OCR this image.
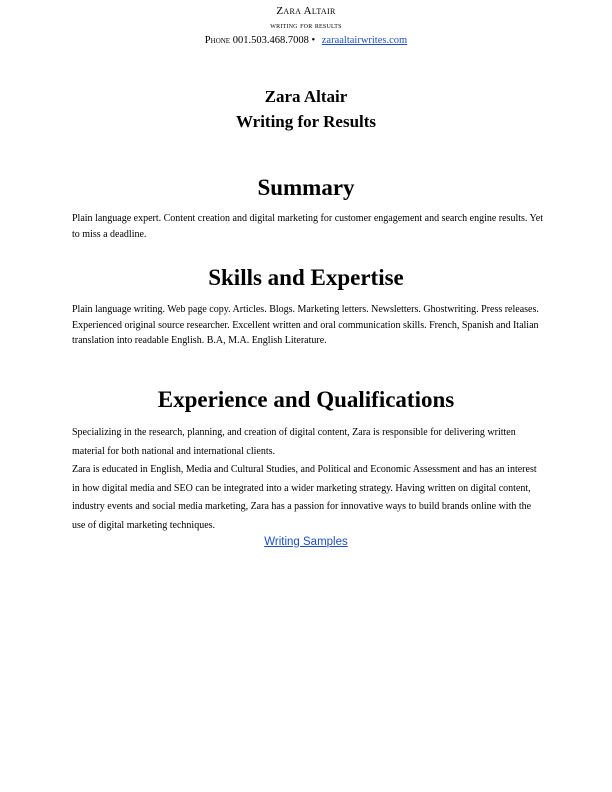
Zara Altair
writing for results
Phone 001.503.468.7008 • zaraaltairwrites.com
Zara Altair
Writing for Results
Summary
Plain language expert. Content creation and digital marketing for customer engagement and search engine results. Yet to miss a deadline.
Skills and Expertise
Plain language writing. Web page copy. Articles. Blogs. Marketing letters. Newsletters. Ghostwriting. Press releases. Experienced original source researcher. Excellent written and oral communication skills. French, Spanish and Italian translation into readable English. B.A, M.A. English Literature.
Experience and Qualifications
Specializing in the research, planning, and creation of digital content, Zara is responsible for delivering written material for both national and international clients.
Zara is educated in English, Media and Cultural Studies, and Political and Economic Assessment and has an interest in how digital media and SEO can be integrated into a wider marketing strategy. Having written on digital content, industry events and social media marketing, Zara has a passion for innovative ways to build brands online with the use of digital marketing techniques.
Writing Samples
